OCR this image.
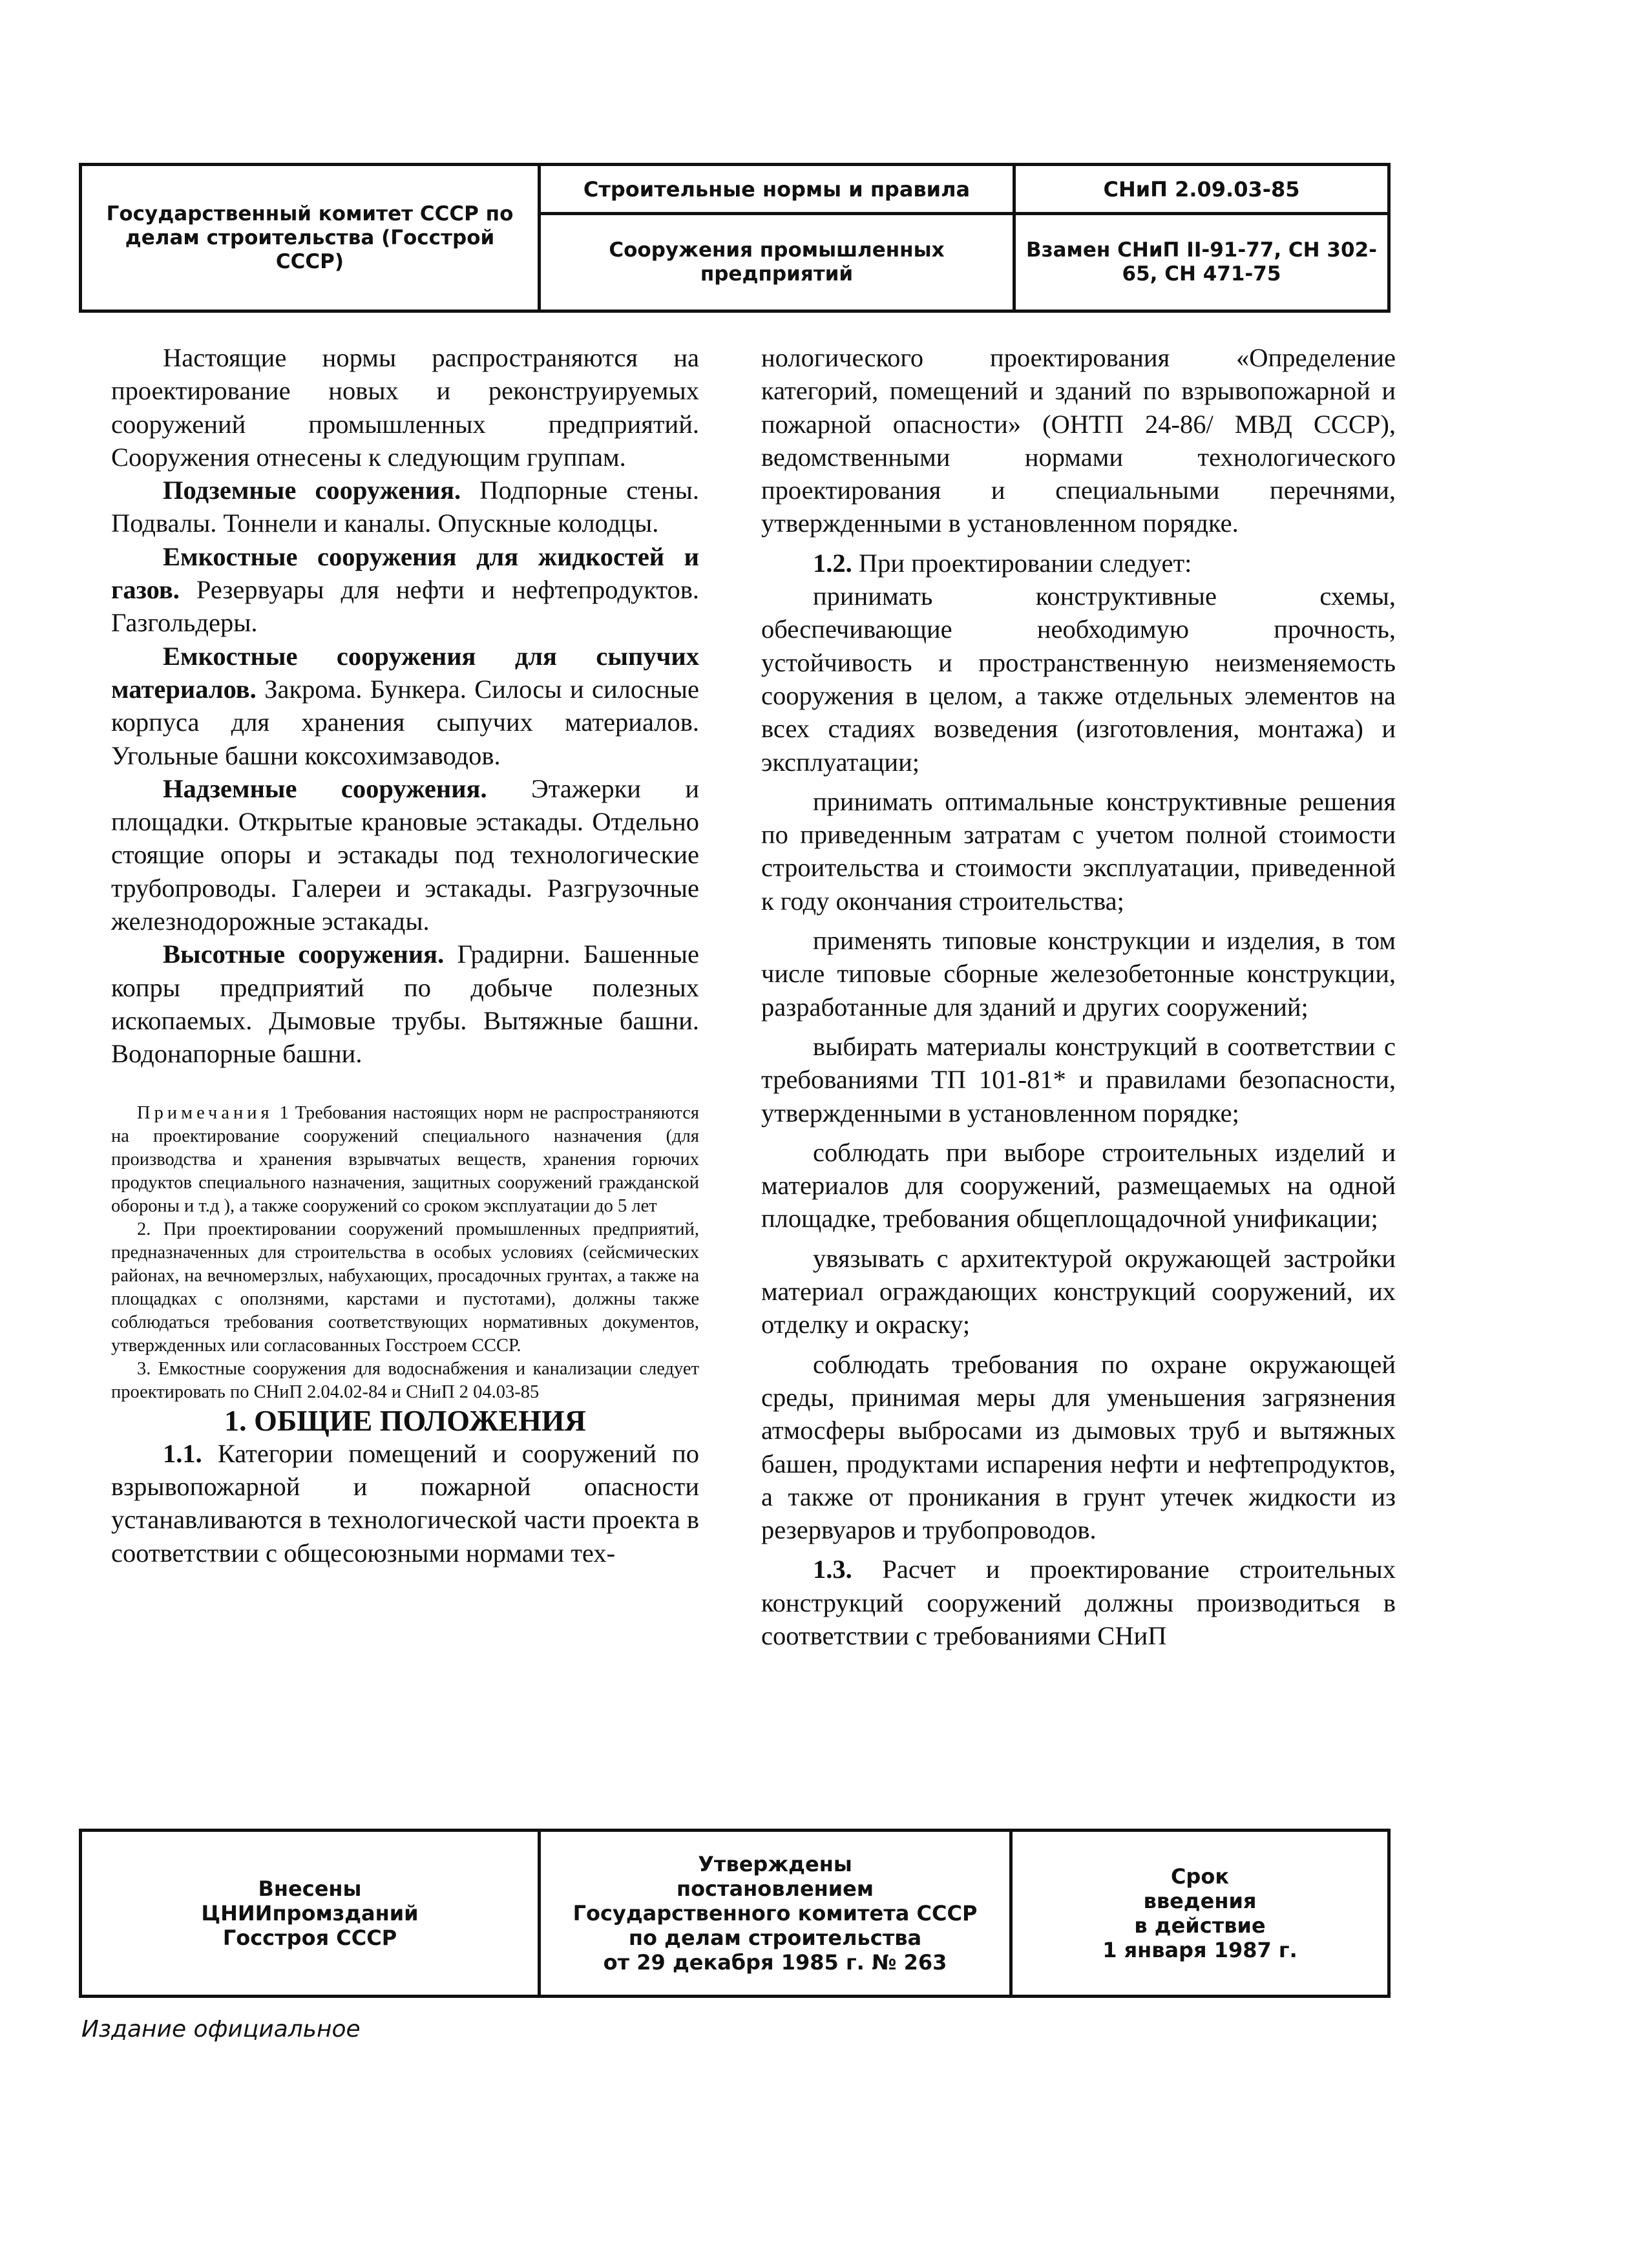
Государственный комитет СССР по делам строительства (Госстрой СССР)
Строительные нормы и правила
Сооружения промышленных предприятий
СНиП 2.09.03-85
Взамен СНиП II-91-77, СН 302-65, СН 471-75

Настоящие нормы распространяются на проектирование новых и реконструируемых сооружений промышленных предприятий. Сооружения отнесены к следующим группам.

Подземные сооружения. Подпорные стены. Подвалы. Тоннели и каналы. Опускные колодцы.

Емкостные сооружения для жидкостей и газов. Резервуары для нефти и нефтепродуктов. Газгольдеры.

Емкостные сооружения для сыпучих материалов. Закрома. Бункера. Силосы и силосные корпуса для хранения сыпучих материалов. Угольные башни коксохимзаводов.

Надземные сооружения. Этажерки и площадки. Открытые крановые эстакады. Отдельно стоящие опоры и эстакады под технологические трубопроводы. Галереи и эстакады. Разгрузочные железнодорожные эстакады.

Высотные сооружения. Градирни. Башенные копры предприятий по добыче полезных ископаемых. Дымовые трубы. Вытяжные башни. Водонапорные башни.

Примечания 1 Требования настоящих норм не распространяются на проектирование сооружений специального назначения (для производства и хранения взрывчатых веществ, хранения горючих продуктов специального назначения, защитных сооружений гражданской обороны и т.д ), а также сооружений со сроком эксплуатации до 5 лет

2. При проектировании сооружений промышленных предприятий, предназначенных для строительства в особых условиях (сейсмических районах, на вечномерзлых, набухающих, просадочных грунтах, а также на площадках с оползнями, карстами и пустотами), должны также соблюдаться требования соответствующих нормативных документов, утвержденных или согласованных Госстроем СССР.

3. Емкостные сооружения для водоснабжения и канализации следует проектировать по СНиП 2.04.02-84 и СНиП 2 04.03-85

1. ОБЩИЕ ПОЛОЖЕНИЯ

1.1. Категории помещений и сооружений по взрывопожарной и пожарной опасности устанавливаются в технологической части проекта в соответствии с общесоюзными нормами тех-

нологического проектирования «Определение категорий, помещений и зданий по взрывопожарной и пожарной опасности» (ОНТП 24-86/ МВД СССР), ведомственными нормами технологического проектирования и специальными перечнями, утвержденными в установленном порядке.

1.2. При проектировании следует:

принимать конструктивные схемы, обеспечивающие необходимую прочность, устойчивость и пространственную неизменяемость сооружения в целом, а также отдельных элементов на всех стадиях возведения (изготовления, монтажа) и эксплуатации;

принимать оптимальные конструктивные решения по приведенным затратам с учетом полной стоимости строительства и стоимости эксплуатации, приведенной к году окончания строительства;

применять типовые конструкции и изделия, в том числе типовые сборные железобетонные конструкции, разработанные для зданий и других сооружений;

выбирать материалы конструкций в соответствии с требованиями ТП 101-81* и правилами безопасности, утвержденными в установленном порядке;

соблюдать при выборе строительных изделий и материалов для сооружений, размещаемых на одной площадке, требования общеплощадочной унификации;

увязывать с архитектурой окружающей застройки материал ограждающих конструкций сооружений, их отделку и окраску;

соблюдать требования по охране окружающей среды, принимая меры для уменьшения загрязнения атмосферы выбросами из дымовых труб и вытяжных башен, продуктами испарения нефти и нефтепродуктов, а также от проникания в грунт утечек жидкости из резервуаров и трубопроводов.

1.3. Расчет и проектирование строительных конструкций сооружений должны производиться в соответствии с требованиями СНиП

Внесены
ЦНИИпромзданий
Госстроя СССР
Утверждены
постановлением
Государственного комитета СССР
по делам строительства
от 29 декабря 1985 г. № 263
Срок
введения
в действие
1 января 1987 г.
Издание официальное
